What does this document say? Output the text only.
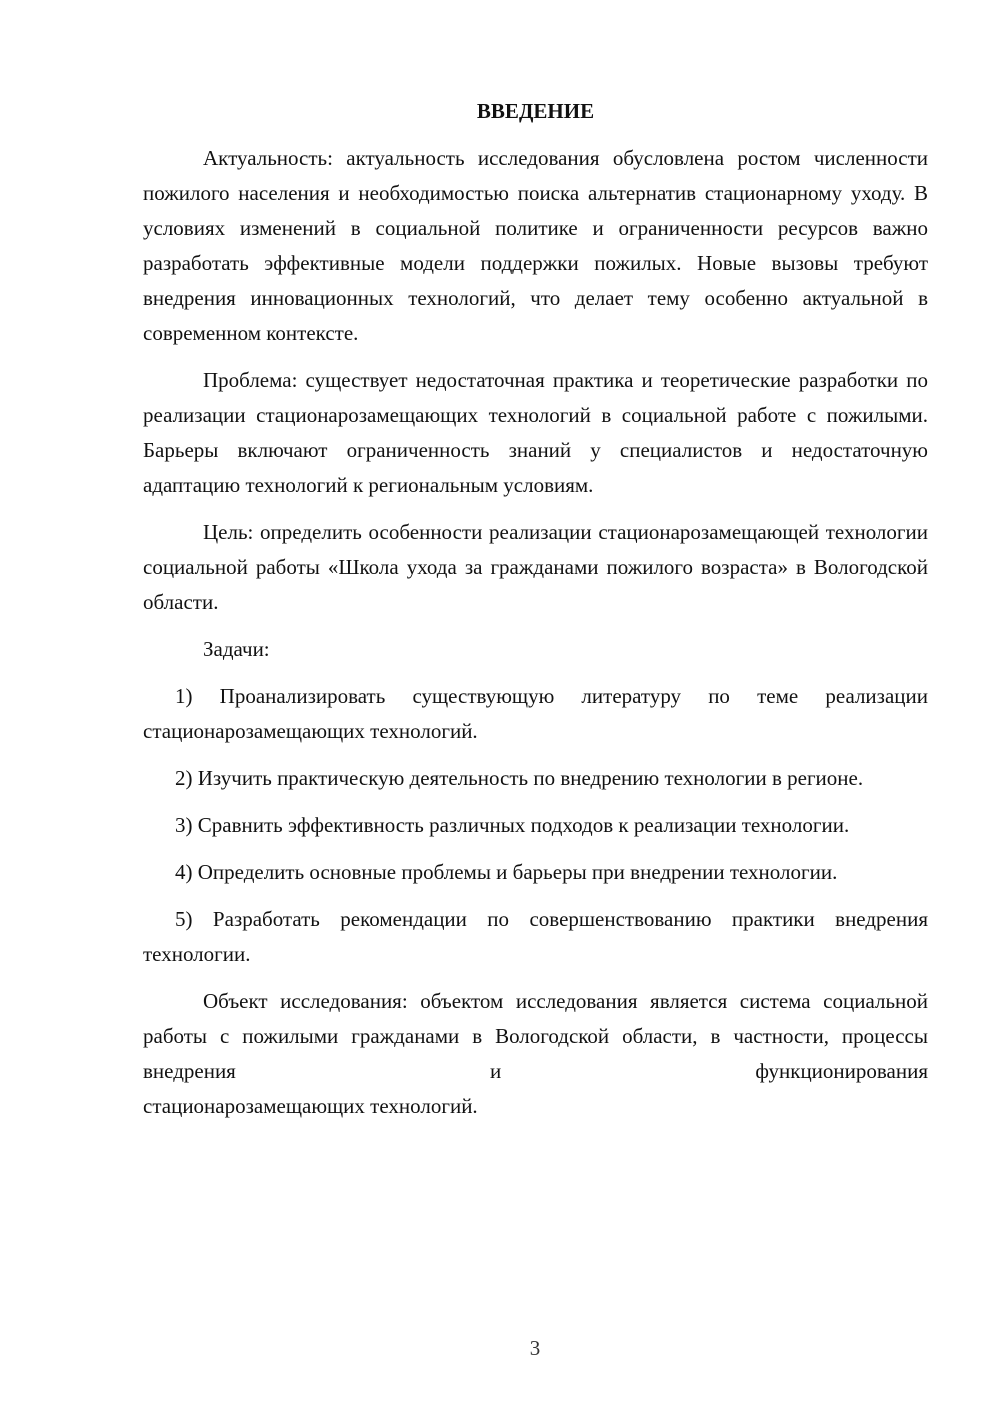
ВВЕДЕНИЕ

Актуальность: актуальность исследования обусловлена ростом численности пожилого населения и необходимостью поиска альтернатив стационарному уходу. В условиях изменений в социальной политике и ограниченности ресурсов важно разработать эффективные модели поддержки пожилых. Новые вызовы требуют внедрения инновационных технологий, что делает тему особенно актуальной в современном контексте.

Проблема: существует недостаточная практика и теоретические разработки по реализации стационарозамещающих технологий в социальной работе с пожилыми. Барьеры включают ограниченность знаний у специалистов и недостаточную адаптацию технологий к региональным условиям.

Цель: определить особенности реализации стационарозамещающей технологии социальной работы «Школа ухода за гражданами пожилого возраста» в Вологодской области.

Задачи:

1) Проанализировать существующую литературу по теме реализации стационарозамещающих технологий.

2) Изучить практическую деятельность по внедрению технологии в регионе.

3) Сравнить эффективность различных подходов к реализации технологии.

4) Определить основные проблемы и барьеры при внедрении технологии.

5) Разработать рекомендации по совершенствованию практики внедрения технологии.

Объект исследования: объектом исследования является система социальной работы с пожилыми гражданами в Вологодской области, в частности, процессы внедрения и функционирования

стационарозамещающих технологий.

3
